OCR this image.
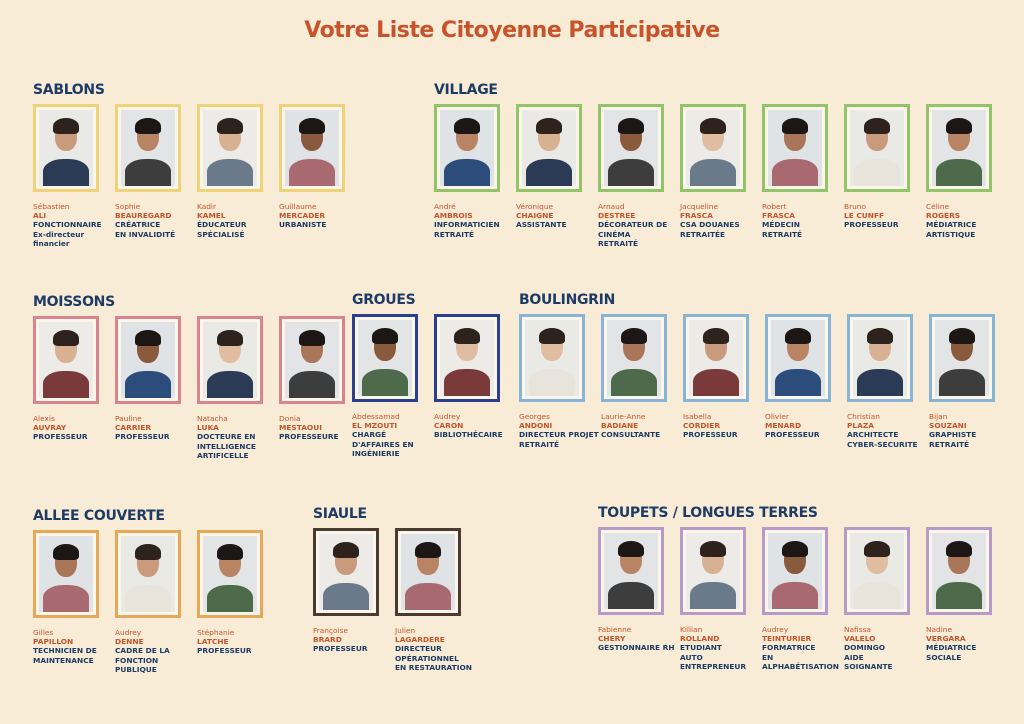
Votre Liste Citoyenne Participative
SABLONS
Sébastien
ALI
FONCTIONNAIRE
Ex-directeur
financier
Sophie
BEAUREGARD
CRÉATRICE
EN INVALIDITÉ
Kadir
KAMEL
ÉDUCATEUR
SPÉCIALISÉ
Guillaume
MERCADER
URBANISTE
VILLAGE
André
AMBROIS
INFORMATICIEN
RETRAITÉ
Véronique
CHAIGNE
ASSISTANTE
Arnaud
DESTREE
DÉCORATEUR DE
CINÉMA
RETRAITÉ
Jacqueline
FRASCA
CSA DOUANES
RETRAITÉE
Robert
FRASCA
MÉDECIN
RETRAITÉ
Bruno
LE CUNFF
PROFESSEUR
Céline
ROGERS
MÉDIATRICE
ARTISTIQUE
MOISSONS
Alexis
AUVRAY
PROFESSEUR
Pauline
CARRIER
PROFESSEUR
Natacha
LUKA
DOCTEURE EN
INTELLIGENCE
ARTIFICELLE
Donia
MESTAOUI
PROFESSEURE
GROUES
Abdessamad
EL MZOUTI
CHARGÉ
D'AFFAIRES EN
INGÉNIERIE
Audrey
CARON
BIBLIOTHÉCAIRE
BOULINGRIN
Georges
ANDONI
DIRECTEUR PROJET
RETRAITÉ
Laurie-Anne
BADIANE
CONSULTANTE
Isabella
CORDIER
PROFESSEUR
Olivier
MENARD
PROFESSEUR
Christian
PLAZA
ARCHITECTE
CYBER-SECURITE
Bijan
SOUZANI
GRAPHISTE
RETRAITÉ
ALLEE COUVERTE
Gilles
PAPILLON
TECHNICIEN DE
MAINTENANCE
Audrey
DENNE
CADRE DE LA
FONCTION
PUBLIQUE
Stéphanie
LATCHE
PROFESSEUR
SIAULE
Françoise
BRARD
PROFESSEUR
Julien
LAGARDERE
DIRECTEUR
OPÉRATIONNEL
EN RESTAURATION
TOUPETS / LONGUES TERRES
Fabienne
CHERY
GESTIONNAIRE RH
Killian
ROLLAND
ETUDIANT
AUTO
ENTREPRENEUR
Audrey
TEINTURIER
FORMATRICE
EN
ALPHABÉTISATION
Nafissa
VALELO
DOMINGO
AIDE
SOIGNANTE
Nadine
VERGARA
MÉDIATRICE
SOCIALE
